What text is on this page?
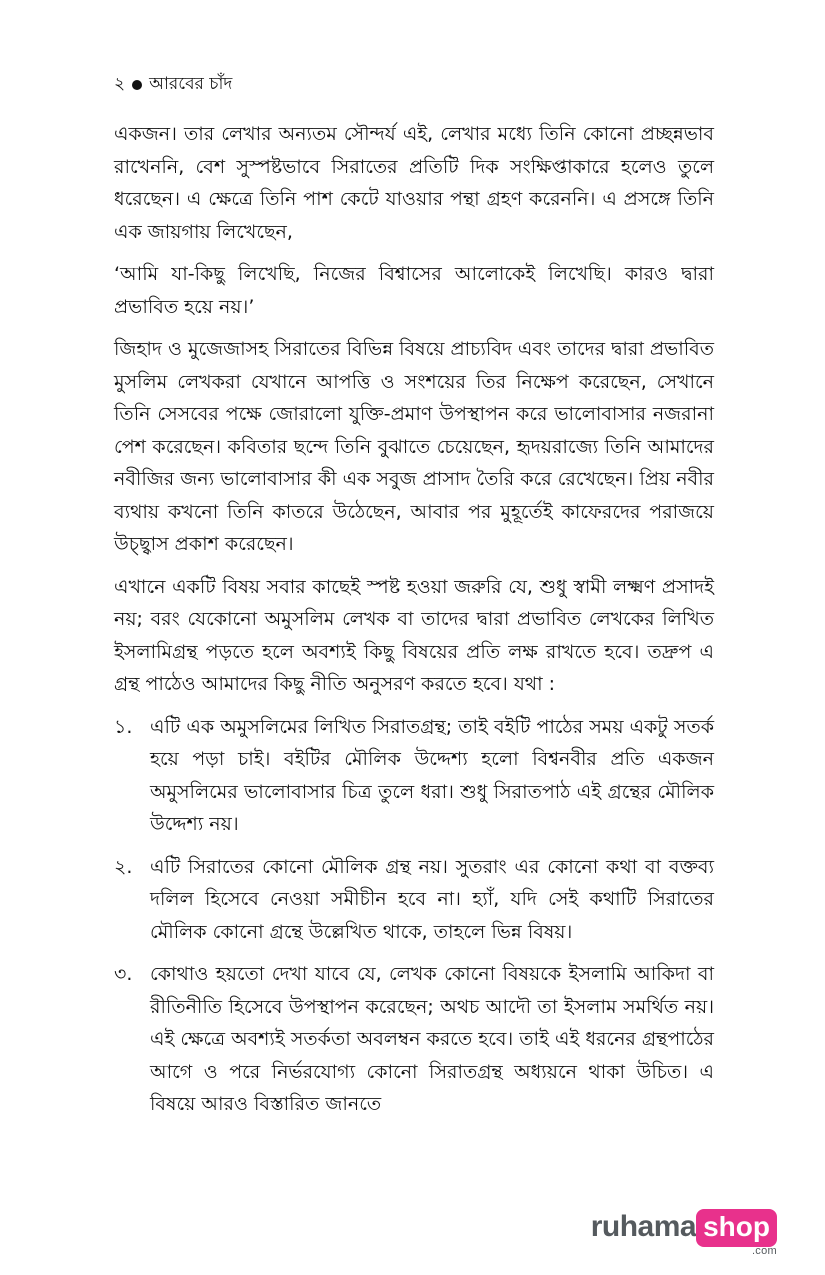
২ আরবের চাঁদ

একজন। তার লেখার অন্যতম সৌন্দর্য এই, লেখার মধ্যে তিনি কোনো প্রচ্ছন্নভাব রাখেননি, বেশ সুস্পষ্টভাবে সিরাতের প্রতিটি দিক সংক্ষিপ্তাকারে হলেও তুলে ধরেছেন। এ ক্ষেত্রে তিনি পাশ কেটে যাওয়ার পন্থা গ্রহণ করেননি। এ প্রসঙ্গে তিনি এক জায়গায় লিখেছেন,

‘আমি যা-কিছু লিখেছি, নিজের বিশ্বাসের আলোকেই লিখেছি। কারও দ্বারা প্রভাবিত হয়ে নয়।’

জিহাদ ও মুজেজাসহ সিরাতের বিভিন্ন বিষয়ে প্রাচ্যবিদ এবং তাদের দ্বারা প্রভাবিত মুসলিম লেখকরা যেখানে আপত্তি ও সংশয়ের তির নিক্ষেপ করেছেন, সেখানে তিনি সেসবের পক্ষে জোরালো যুক্তি-প্রমাণ উপস্থাপন করে ভালোবাসার নজরানা পেশ করেছেন। কবিতার ছন্দে তিনি বুঝাতে চেয়েছেন, হৃদয়রাজ্যে তিনি আমাদের নবীজির জন্য ভালোবাসার কী এক সবুজ প্রাসাদ তৈরি করে রেখেছেন। প্রিয় নবীর ব্যথায় কখনো তিনি কাতরে উঠেছেন, আবার পর মুহূর্তেই কাফেরদের পরাজয়ে উচ্ছ্বাস প্রকাশ করেছেন।

এখানে একটি বিষয় সবার কাছেই স্পষ্ট হওয়া জরুরি যে, শুধু স্বামী লক্ষ্মণ প্রসাদই নয়; বরং যেকোনো অমুসলিম লেখক বা তাদের দ্বারা প্রভাবিত লেখকের লিখিত ইসলামিগ্রন্থ পড়তে হলে অবশ্যই কিছু বিষয়ের প্রতি লক্ষ রাখতে হবে। তদ্রুপ এ গ্রন্থ পাঠেও আমাদের কিছু নীতি অনুসরণ করতে হবে। যথা :

১. এটি এক অমুসলিমের লিখিত সিরাতগ্রন্থ; তাই বইটি পাঠের সময় একটু সতর্ক হয়ে পড়া চাই। বইটির মৌলিক উদ্দেশ্য হলো বিশ্বনবীর প্রতি একজন অমুসলিমের ভালোবাসার চিত্র তুলে ধরা। শুধু সিরাতপাঠ এই গ্রন্থের মৌলিক উদ্দেশ্য নয়।
২. এটি সিরাতের কোনো মৌলিক গ্রন্থ নয়। সুতরাং এর কোনো কথা বা বক্তব্য দলিল হিসেবে নেওয়া সমীচীন হবে না। হ্যাঁ, যদি সেই কথাটি সিরাতের মৌলিক কোনো গ্রন্থে উল্লেখিত থাকে, তাহলে ভিন্ন বিষয়।
৩. কোথাও হয়তো দেখা যাবে যে, লেখক কোনো বিষয়কে ইসলামি আকিদা বা রীতিনীতি হিসেবে উপস্থাপন করেছেন; অথচ আদৌ তা ইসলাম সমর্থিত নয়। এই ক্ষেত্রে অবশ্যই সতর্কতা অবলম্বন করতে হবে। তাই এই ধরনের গ্রন্থপাঠের আগে ও পরে নির্ভরযোগ্য কোনো সিরাতগ্রন্থ অধ্যয়নে থাকা উচিত। এ বিষয়ে আরও বিস্তারিত জানতে
ruhama shop
.com
